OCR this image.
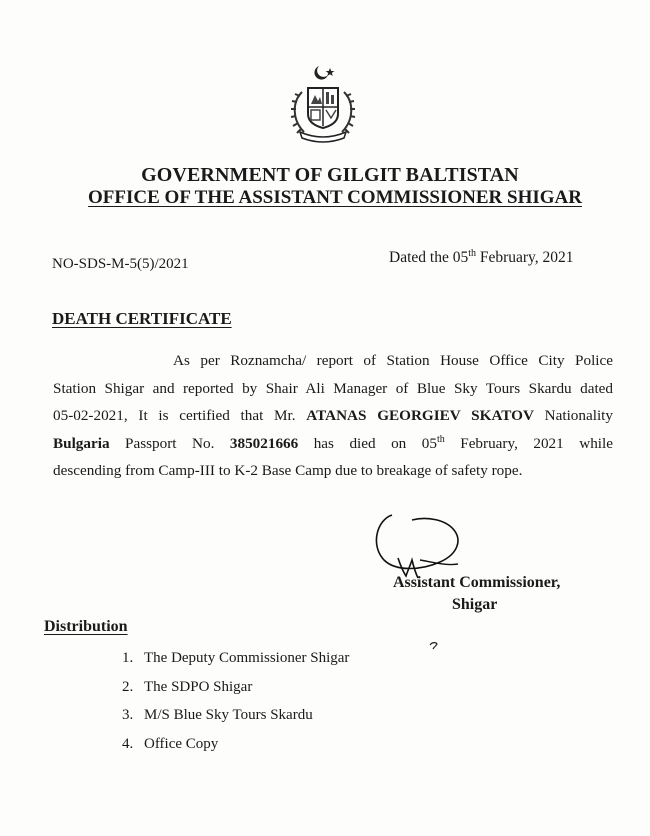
GOVERNMENT OF GILGIT BALTISTAN
OFFICE OF THE ASSISTANT COMMISSIONER SHIGAR
NO-SDS-M-5(5)/2021	Dated the 05th February, 2021
DEATH CERTIFICATE
As per Roznamcha/ report of Station House Office City Police
Station Shigar and reported by Shair Ali Manager of Blue Sky Tours Skardu dated
05-02-2021, It is certified that Mr. ATANAS GEORGIEV SKATOV Nationality
Bulgaria Passport No. 385021666 has died on 05th February, 2021 while
descending from Camp-III to K-2 Base Camp due to breakage of safety rope.
Assistant Commissioner,
Shigar
Distribution
1. The Deputy Commissioner Shigar
2. The SDPO Shigar
3. M/S Blue Sky Tours Skardu
4. Office Copy
